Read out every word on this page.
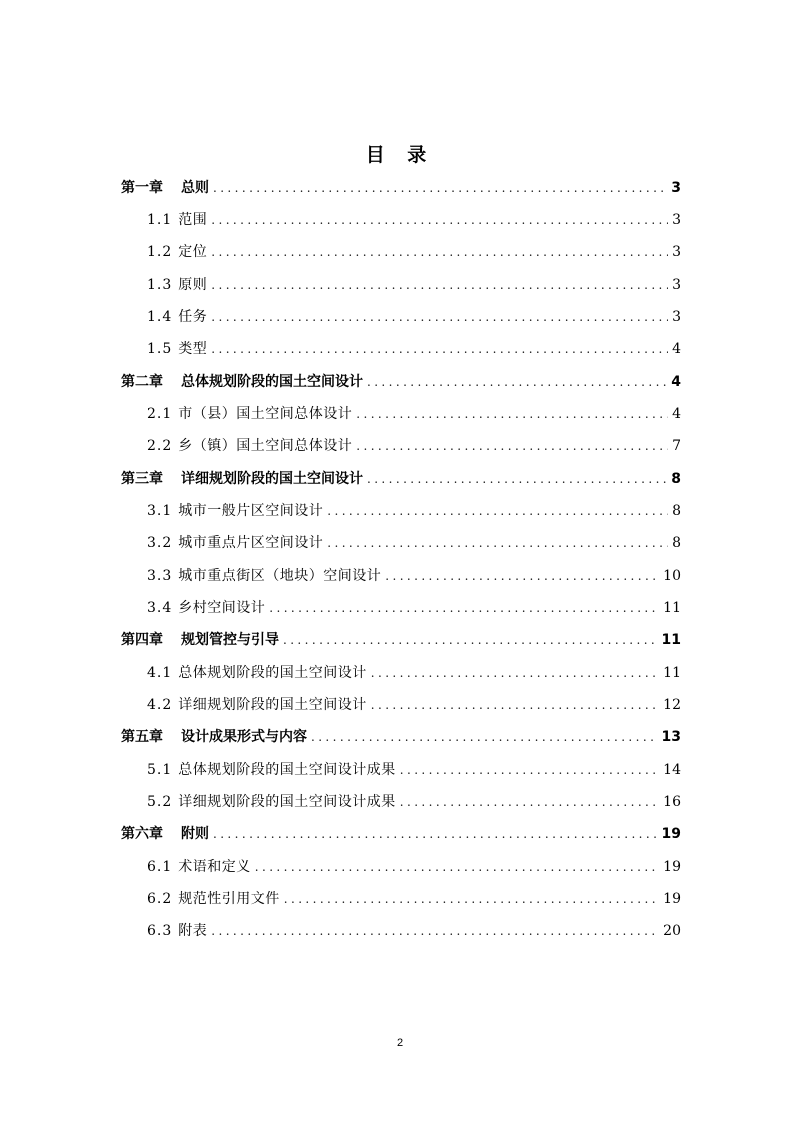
目 录
第一章 总则 .....	3
1.1 范围 .....	3
1.2 定位 .....	3
1.3 原则 .....	3
1.4 任务 .....	3
1.5 类型 .....	4
第二章 总体规划阶段的国土空间设计 .....	4
2.1 市（县）国土空间总体设计 .....	4
2.2 乡（镇）国土空间总体设计 .....	7
第三章 详细规划阶段的国土空间设计 .....	8
3.1 城市一般片区空间设计 .....	8
3.2 城市重点片区空间设计 .....	8
3.3 城市重点街区（地块）空间设计 .....	10
3.4 乡村空间设计 .....	11
第四章 规划管控与引导 .....	11
4.1 总体规划阶段的国土空间设计 .....	11
4.2 详细规划阶段的国土空间设计 .....	12
第五章 设计成果形式与内容 .....	13
5.1 总体规划阶段的国土空间设计成果 .....	14
5.2 详细规划阶段的国土空间设计成果 .....	16
第六章 附则 .....	19
6.1 术语和定义 .....	19
6.2 规范性引用文件 .....	19
6.3 附表 .....	20
2
